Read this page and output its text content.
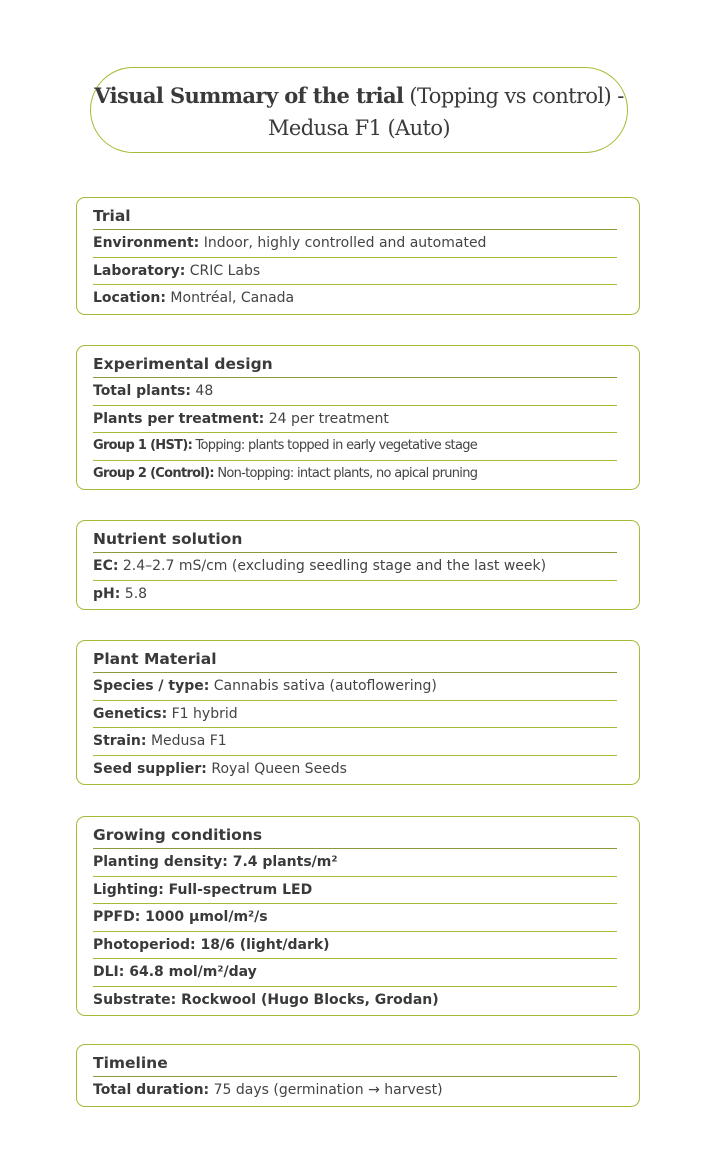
Visual Summary of the trial (Topping vs control) - Medusa F1 (Auto)
Trial
Environment: Indoor, highly controlled and automated
Laboratory: CRIC Labs
Location: Montréal, Canada
Experimental design
Total plants: 48
Plants per treatment: 24 per treatment
Group 1 (HST): Topping: plants topped in early vegetative stage
Group 2 (Control): Non-topping: intact plants, no apical pruning
Nutrient solution
EC: 2.4–2.7 mS/cm (excluding seedling stage and the last week)
pH: 5.8
Plant Material
Species / type: Cannabis sativa (autoflowering)
Genetics: F1 hybrid
Strain: Medusa F1
Seed supplier: Royal Queen Seeds
Growing conditions
Planting density: 7.4 plants/m²
Lighting: Full-spectrum LED
PPFD: 1000 µmol/m²/s
Photoperiod: 18/6 (light/dark)
DLI: 64.8 mol/m²/day
Substrate: Rockwool (Hugo Blocks, Grodan)
Timeline
Total duration: 75 days (germination → harvest)
